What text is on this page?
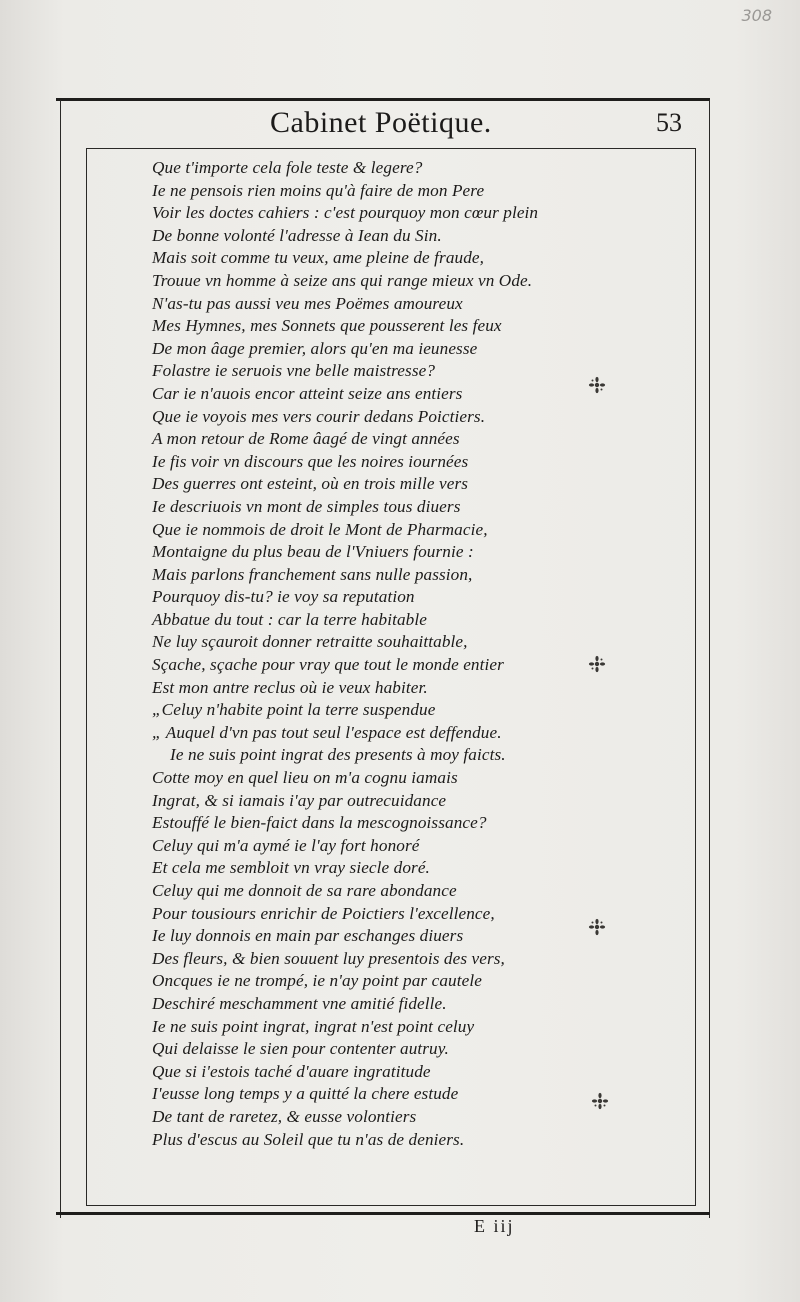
308
Cabinet Poëtique.	53
Que t'importe cela fole teste & legere?
Ie ne pensois rien moins qu'à faire de mon Pere
Voir les doctes cahiers : c'est pourquoy mon cœur plein
De bonne volonté l'adresse à Iean du Sin.
Mais soit comme tu veux, ame pleine de fraude,
Trouue vn homme à seize ans qui range mieux vn Ode.
N'as-tu pas aussi veu mes Poëmes amoureux
Mes Hymnes, mes Sonnets que pousserent les feux
De mon âage premier, alors qu'en ma ieunesse
Folastre ie seruois vne belle maistresse?
Car ie n'auois encor atteint seize ans entiers
Que ie voyois mes vers courir dedans Poictiers.
A mon retour de Rome âagé de vingt années
Ie fis voir vn discours que les noires iournées
Des guerres ont esteint, où en trois mille vers
Ie descriuois vn mont de simples tous diuers
Que ie nommois de droit le Mont de Pharmacie,
Montaigne du plus beau de l'Vniuers fournie :
Mais parlons franchement sans nulle passion,
Pourquoy dis-tu? ie voy sa reputation
Abbatue du tout : car la terre habitable
Ne luy sçauroit donner retraitte souhaittable,
Sçache, sçache pour vray que tout le monde entier
Est mon antre reclus où ie veux habiter.
„Celuy n'habite point la terre suspendue
„ Auquel d'vn pas tout seul l'espace est deffendue.
Ie ne suis point ingrat des presents à moy faicts.
Cotte moy en quel lieu on m'a cognu iamais
Ingrat, & si iamais i'ay par outrecuidance
Estouffé le bien-faict dans la mescognoissance?
Celuy qui m'a aymé ie l'ay fort honoré
Et cela me sembloit vn vray siecle doré.
Celuy qui me donnoit de sa rare abondance
Pour tousiours enrichir de Poictiers l'excellence,
Ie luy donnois en main par eschanges diuers
Des fleurs, & bien souuent luy presentois des vers,
Oncques ie ne trompé, ie n'ay point par cautele
Deschiré meschamment vne amitié fidelle.
Ie ne suis point ingrat, ingrat n'est point celuy
Qui delaisse le sien pour contenter autruy.
Que si i'estois taché d'auare ingratitude
I'eusse long temps y a quitté la chere estude
De tant de raretez, & eusse volontiers
Plus d'escus au Soleil que tu n'as de deniers.
E iij
